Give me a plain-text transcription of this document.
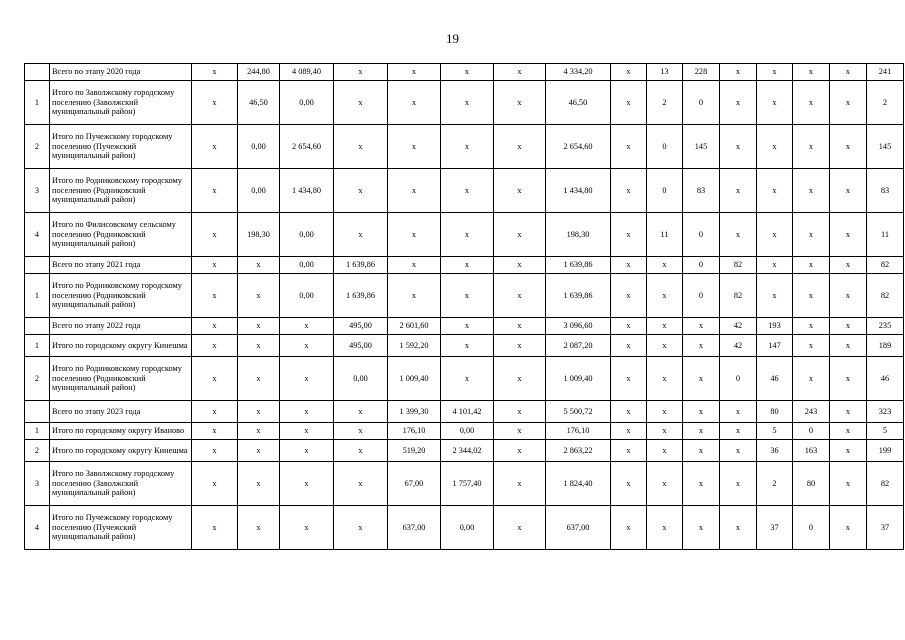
19
	Всего по этапу 2020 года	x	244,80	4 089,40	x	x	x	x	4 334,20	x	13	228	x	x	x	x	241
1	Итого по Заволжскому городскому поселению (Заволжский муниципальный район)	x	46,50	0,00	x	x	x	x	46,50	x	2	0	x	x	x	x	2
2	Итого по Пучежскому городскому поселению (Пучежский муниципальный район)	x	0,00	2 654,60	x	x	x	x	2 654,60	x	0	145	x	x	x	x	145
3	Итого по Родниковскому городскому поселению (Родниковский муниципальный район)	x	0,00	1 434,80	x	x	x	x	1 434,80	x	0	83	x	x	x	x	83
4	Итого по Филисовскому сельскому поселению (Родниковский муниципальный район)	x	198,30	0,00	x	x	x	x	198,30	x	11	0	x	x	x	x	11
	Всего по этапу 2021 года	x	x	0,00	1 639,86	x	x	x	1 639,86	x	x	0	82	x	x	x	82
1	Итого по Родниковскому городскому поселению (Родниковский муниципальный район)	x	x	0,00	1 639,86	x	x	x	1 639,86	x	x	0	82	x	x	x	82
	Всего по этапу 2022 года	x	x	x	495,00	2 601,60	x	x	3 096,60	x	x	x	42	193	x	x	235
1	Итого по городскому округу Кинешма	x	x	x	495,00	1 592,20	x	x	2 087,20	x	x	x	42	147	x	x	189
2	Итого по Родниковскому городскому поселению (Родниковский муниципальный район)	x	x	x	0,00	1 009,40	x	x	1 009,40	x	x	x	0	46	x	x	46
	Всего по этапу 2023 года	x	x	x	x	1 399,30	4 101,42	x	5 500,72	x	x	x	x	80	243	x	323
1	Итого по городскому округу Иваново	x	x	x	x	176,10	0,00	x	176,10	x	x	x	x	5	0	x	5
2	Итого по городскому округу Кинешма	x	x	x	x	519,20	2 344,02	x	2 863,22	x	x	x	x	36	163	x	199
3	Итого по Заволжскому городскому поселению (Заволжский муниципальный район)	x	x	x	x	67,00	1 757,40	x	1 824,40	x	x	x	x	2	80	x	82
4	Итого по Пучежскому городскому поселению (Пучежский муниципальный район)	x	x	x	x	637,00	0,00	x	637,00	x	x	x	x	37	0	x	37
